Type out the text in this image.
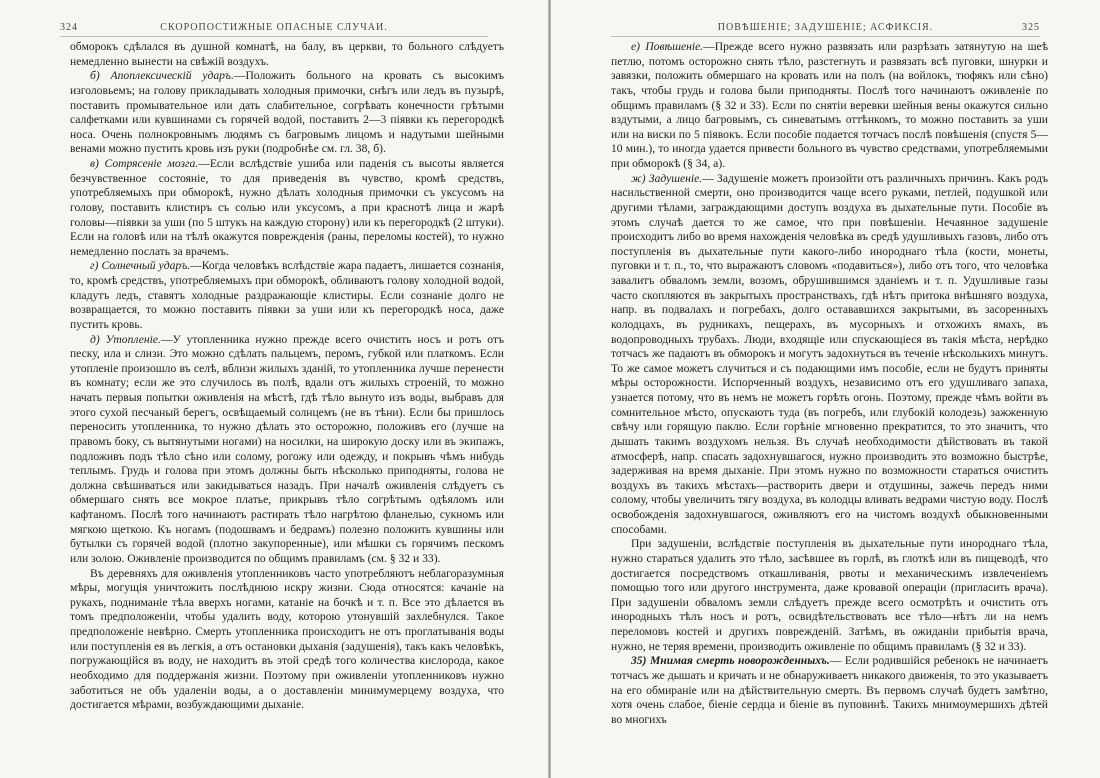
324	СКОРОПОСТИЖНЫЕ ОПАСНЫЕ СЛУЧАИ.

обморокъ сдѣлался въ душной комнатѣ, на балу, въ церкви, то больного слѣдуетъ немедленно вынести на свѣжій воздухъ.

б) Апоплексическій ударъ.—Положить больного на кровать съ высокимъ изголовьемъ; на голову прикладывать холодныя примочки, снѣгъ или ледъ въ пузырѣ, поставить промывательное или дать слабительное, согрѣвать конечности грѣтыми салфетками или кувшинами съ горячей водой, поставить 2—3 піявки къ перегородкѣ носа. Очень полнокровнымъ людямъ съ багровымъ лицомъ и надутыми шейными венами можно пустить кровь изъ руки (подробнѣе см. гл. 38, б).

в) Сотрясеніе мозга.—Если вслѣдствіе ушиба или паденія съ высоты является безчувственное состояніе, то для приведенія въ чувство, кромѣ средствъ, употребляемыхъ при обморокѣ, нужно дѣлать холодныя примочки съ уксусомъ на голову, поставить клистиръ съ солью или уксусомъ, а при краснотѣ лица и жарѣ головы—піявки за уши (по 5 штукъ на каждую сторону) или къ перегородкѣ (2 штуки). Если на головѣ или на тѣлѣ окажутся поврежденія (раны, переломы костей), то нужно немедленно послать за врачемъ.

г) Солнечный ударъ.—Когда человѣкъ вслѣдствіе жара падаетъ, лишается сознанія, то, кромѣ средствъ, употребляемыхъ при обморокѣ, обливаютъ голову холодной водой, кладутъ ледъ, ставятъ холодные раздражающіе клистиры. Если сознаніе долго не возвращается, то можно поставить піявки за уши или къ перегородкѣ носа, даже пустить кровь.

д) Утопленіе.—У утопленника нужно прежде всего очистить носъ и ротъ отъ песку, ила и слизи. Это можно сдѣлать пальцемъ, перомъ, губкой или платкомъ. Если утопленіе произошло въ селѣ, вблизи жилыхъ зданій, то утопленника лучше перенести въ комнату; если же это случилось въ полѣ, вдали отъ жилыхъ строеній, то можно начать первыя попытки оживленія на мѣстѣ, гдѣ тѣло вынуто изъ воды, выбравъ для этого сухой песчаный берегъ, освѣщаемый солнцемъ (не въ тѣни). Если бы пришлось переносить утопленника, то нужно дѣлать это осторожно, положивъ его (лучше на правомъ боку, съ вытянутыми ногами) на носилки, на широкую доску или въ экипажъ, подложивъ подъ тѣло сѣно или солому, рогожу или одежду, и покрывъ чѣмъ нибудь теплымъ. Грудь и голова при этомъ должны быть нѣсколько приподняты, голова не должна свѣшиваться или закидываться назадъ. При началѣ оживленія слѣдуетъ съ обмершаго снять все мокрое платье, прикрывъ тѣло согрѣтымъ одѣяломъ или кафтаномъ. Послѣ того начинаютъ растирать тѣло нагрѣтою фланелью, сукномъ или мягкою щеткою. Къ ногамъ (подошвамъ и бедрамъ) полезно положить кувшины или бутылки съ горячей водой (плотно закупоренные), или мѣшки съ горячимъ пескомъ или золою. Оживленіе производится по общимъ правиламъ (см. § 32 и 33).

Въ деревняхъ для оживленія утопленниковъ часто употребляютъ неблагоразумныя мѣры, могущія уничтожить послѣднюю искру жизни. Сюда относятся: качаніе на рукахъ, подниманіе тѣла вверхъ ногами, катаніе на бочкѣ и т. п. Все это дѣлается въ томъ предположеніи, чтобы удалить воду, которою утонувшій захлебнулся. Такое предположеніе невѣрно. Смерть утопленника происходитъ не отъ проглатыванія воды или поступленія ея въ легкія, а отъ остановки дыханія (задушенія), такъ какъ человѣкъ, погружающійся въ воду, не находитъ въ этой средѣ того количества кислорода, какое необходимо для поддержанія жизни. Поэтому при оживленіи утопленниковъ нужно заботиться не объ удаленіи воды, а о доставленіи минимумерцему воздуха, что достигается мѣрами, возбуждающими дыханіе.

ПОВѢШЕНІЕ; ЗАДУШЕНІЕ; АСФИКСІЯ.	325

е) Повѣшеніе.—Прежде всего нужно развязать или разрѣзать затянутую на шеѣ петлю, потомъ осторожно снять тѣло, разстегнуть и развязать всѣ пуговки, шнурки и завязки, положить обмершаго на кровать или на полъ (на войлокъ, тюфякъ или сѣно) такъ, чтобы грудь и голова были приподняты. Послѣ того начинаютъ оживленіе по общимъ правиламъ (§ 32 и 33). Если по снятіи веревки шейныя вены окажутся сильно вздутыми, а лицо багровымъ, съ синеватымъ оттѣнкомъ, то можно поставить за уши или на виски по 5 піявокъ. Если пособіе подается тотчасъ послѣ повѣшенія (спустя 5—10 мин.), то иногда удается привести больного въ чувство средствами, употребляемыми при обморокѣ (§ 34, а).

ж) Задушеніе.— Задушеніе можетъ произойти отъ различныхъ причинъ. Какъ родъ насильственной смерти, оно производится чаще всего руками, петлей, подушкой или другими тѣлами, заграждающими доступъ воздуха въ дыхательные пути. Пособіе въ этомъ случаѣ дается то же самое, что при повѣшеніи. Нечаянное задушеніе происходитъ либо во время нахожденія человѣка въ средѣ удушливыхъ газовъ, либо отъ поступленія въ дыхательные пути какого-либо инороднаго тѣла (кости, монеты, пуговки и т. п., то, что выражаютъ словомъ «подавиться»), либо отъ того, что человѣка завалитъ обваломъ земли, возомъ, обрушившимся зданіемъ и т. п. Удушливые газы часто скопляются въ закрытыхъ пространствахъ, гдѣ нѣтъ притока внѣшняго воздуха, напр. въ подвалахъ и погребахъ, долго остававшихся закрытыми, въ засоренныхъ колодцахъ, въ рудникахъ, пещерахъ, въ мусорныхъ и отхожихъ ямахъ, въ водопроводныхъ трубахъ. Люди, входящіе или спускающіеся въ такія мѣста, нерѣдко тотчасъ же падаютъ въ обморокъ и могутъ задохнуться въ теченіе нѣсколькихъ минутъ. То же самое можетъ случиться и съ подающими имъ пособіе, если не будутъ приняты мѣры осторожности. Испорченный воздухъ, независимо отъ его удушливаго запаха, узнается потому, что въ немъ не можетъ горѣть огонь. Поэтому, прежде чѣмъ войти въ сомнительное мѣсто, опускаютъ туда (въ погребъ, или глубокій колодезь) зажженную свѣчу или горящую паклю. Если горѣніе мгновенно прекратится, то это значитъ, что дышать такимъ воздухомъ нельзя. Въ случаѣ необходимости дѣйствовать въ такой атмосферѣ, напр. спасать задохнувшагося, нужно производить это возможно быстрѣе, задерживая на время дыханіе. При этомъ нужно по возможности стараться очистить воздухъ въ такихъ мѣстахъ—растворить двери и отдушины, зажечь передъ ними солому, чтобы увеличить тягу воздуха, въ колодцы вливать ведрами чистую воду. Послѣ освобожденія задохнувшагося, оживляютъ его на чистомъ воздухѣ обыкновенными способами.

При задушеніи, вслѣдствіе поступленія въ дыхательные пути инороднаго тѣла, нужно стараться удалить это тѣло, засѣвшее въ горлѣ, въ глоткѣ или въ пищеводѣ, что достигается посредствомъ откашливанія, рвоты и механическимъ извлеченіемъ помощью того или другого инструмента, даже кровавой операціи (пригласить врача). При задушеніи обваломъ земли слѣдуетъ прежде всего осмотрѣть и очистить отъ инородныхъ тѣлъ носъ и ротъ, освидѣтельствовать все тѣло—нѣтъ ли на немъ переломовъ костей и другихъ поврежденій. Затѣмъ, въ ожиданіи прибытія врача, нужно, не теряя времени, производить оживленіе по общимъ правиламъ (§ 32 и 33).

35) Мнимая смерть новорожденныхъ.— Если родившійся ребенокъ не начинаетъ тотчасъ же дышать и кричать и не обнаруживаетъ никакого движенія, то это указываетъ на его обмираніе или на дѣйствительную смерть. Въ первомъ случаѣ будетъ замѣтно, хотя очень слабое, біеніе сердца и біеніе въ пуповинѣ. Такихъ мнимоумершихъ дѣтей во многихъ
